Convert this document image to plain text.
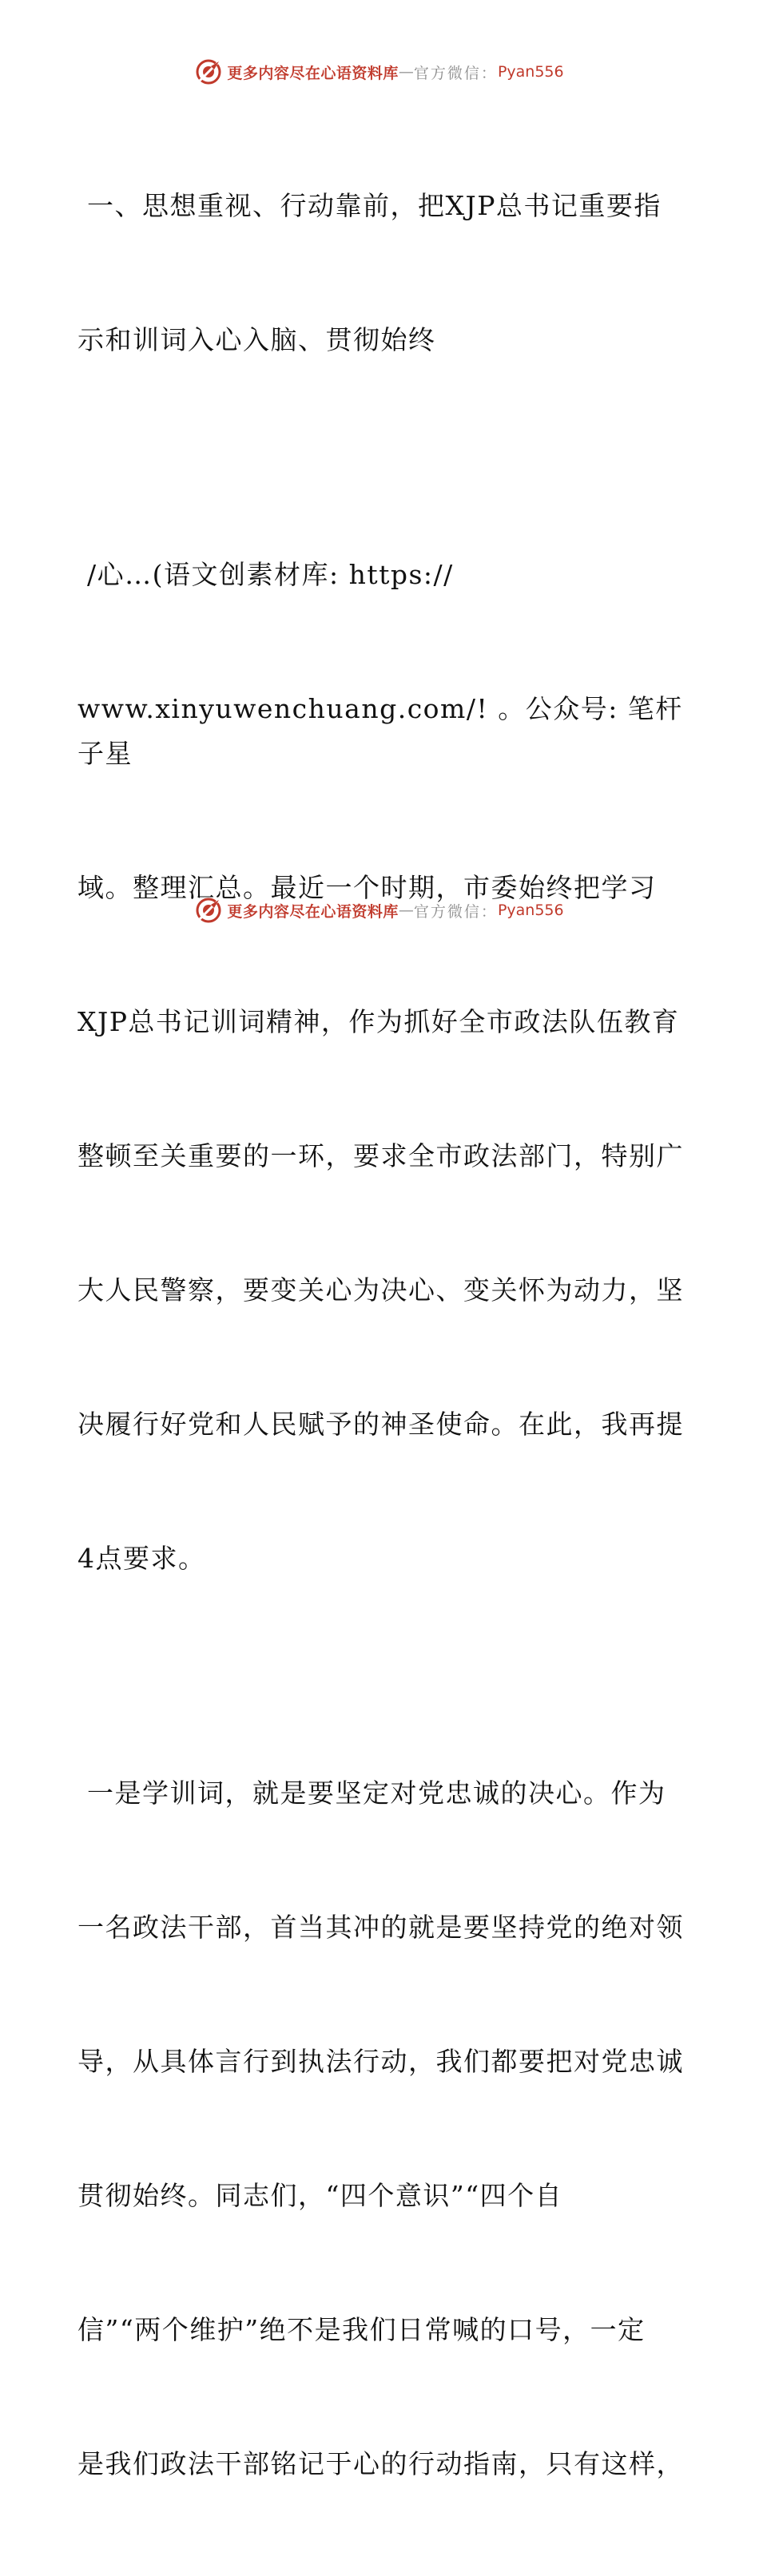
更多内容尽在心语资料库 — 官方微信： Pyan556

一、思想重视、行动靠前，把XJP总书记重要指

示和训词入心入脑、贯彻始终

/心…(语文创素材库: https://

www.xinyuwenchuang.com/! 。公众号: 笔杆子星

域。整理汇总。最近一个时期，市委始终把学习

XJP总书记训词精神，作为抓好全市政法队伍教育

整顿至关重要的一环，要求全市政法部门，特别广

大人民警察，要变关心为决心、变关怀为动力，坚

决履行好党和人民赋予的神圣使命。在此，我再提

4点要求。

一是学训词，就是要坚定对党忠诚的决心。作为

一名政法干部，首当其冲的就是要坚持党的绝对领

导，从具体言行到执法行动，我们都要把对党忠诚

贯彻始终。同志们，“四个意识”“四个自

信”“两个维护”绝不是我们日常喊的口号，一定

是我们政法干部铭记于心的行动指南，只有这样，

更多内容尽在心语资料库 — 官方微信： Pyan556
